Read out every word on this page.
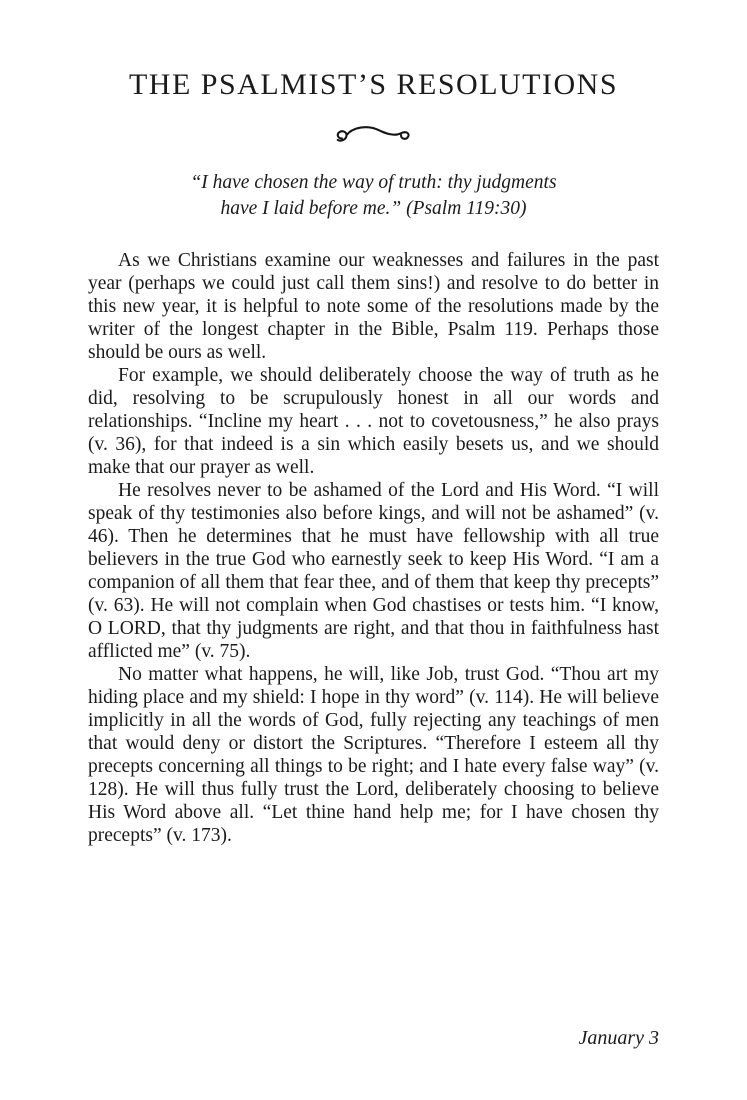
THE PSALMIST’S RESOLUTIONS
“I have chosen the way of truth: thy judgments
have I laid before me.” (Psalm 119:30)

As we Christians examine our weaknesses and failures in the past year (perhaps we could just call them sins!) and resolve to do better in this new year, it is helpful to note some of the resolutions made by the writer of the longest chapter in the Bible, Psalm 119. Perhaps those should be ours as well.

For example, we should deliberately choose the way of truth as he did, resolving to be scrupulously honest in all our words and relationships. “Incline my heart . . . not to covetousness,” he also prays (v. 36), for that indeed is a sin which easily besets us, and we should make that our prayer as well.

He resolves never to be ashamed of the Lord and His Word. “I will speak of thy testimonies also before kings, and will not be ashamed” (v. 46). Then he determines that he must have fellowship with all true believers in the true God who earnestly seek to keep His Word. “I am a companion of all them that fear thee, and of them that keep thy precepts” (v. 63). He will not complain when God chastises or tests him. “I know, O LORD, that thy judgments are right, and that thou in faithfulness hast afflicted me” (v. 75).

No matter what happens, he will, like Job, trust God. “Thou art my hiding place and my shield: I hope in thy word” (v. 114). He will believe implicitly in all the words of God, fully rejecting any teachings of men that would deny or distort the Scriptures. “Therefore I esteem all thy precepts concerning all things to be right; and I hate every false way” (v. 128). He will thus fully trust the Lord, deliberately choosing to believe His Word above all. “Let thine hand help me; for I have chosen thy precepts” (v. 173).

January 3
